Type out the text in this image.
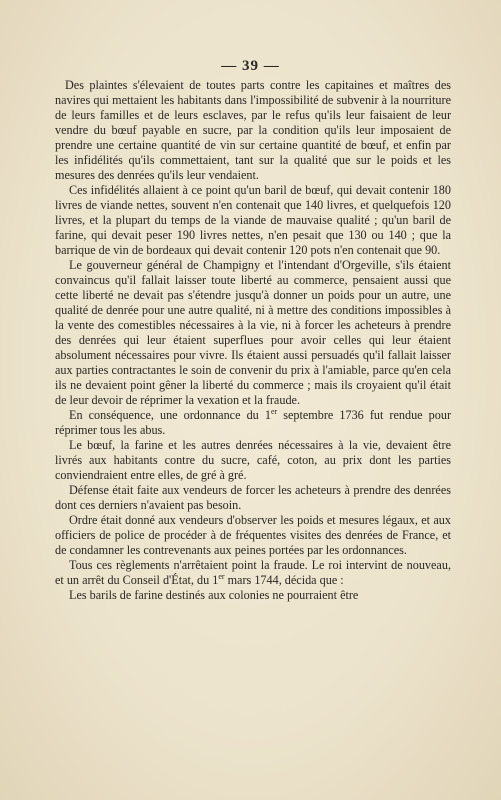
— 39 —

Des plaintes s'élevaient de toutes parts contre les capitaines et maîtres des navires qui mettaient les habitants dans l'impossibilité de subvenir à la nourriture de leurs familles et de leurs esclaves, par le refus qu'ils leur faisaient de leur vendre du bœuf payable en sucre, par la condition qu'ils leur imposaient de prendre une certaine quantité de vin sur certaine quantité de bœuf, et enfin par les infidélités qu'ils commettaient, tant sur la qualité que sur le poids et les mesures des denrées qu'ils leur vendaient.

Ces infidélités allaient à ce point qu'un baril de bœuf, qui devait contenir 180 livres de viande nettes, souvent n'en contenait que 140 livres, et quelquefois 120 livres, et la plupart du temps de la viande de mauvaise qualité ; qu'un baril de farine, qui devait peser 190 livres nettes, n'en pesait que 130 ou 140 ; que la barrique de vin de bordeaux qui devait contenir 120 pots n'en contenait que 90.

Le gouverneur général de Champigny et l'intendant d'Orgeville, s'ils étaient convaincus qu'il fallait laisser toute liberté au commerce, pensaient aussi que cette liberté ne devait pas s'étendre jusqu'à donner un poids pour un autre, une qualité de denrée pour une autre qualité, ni à mettre des conditions impossibles à la vente des comestibles nécessaires à la vie, ni à forcer les acheteurs à prendre des denrées qui leur étaient superflues pour avoir celles qui leur étaient absolument nécessaires pour vivre. Ils étaient aussi persuadés qu'il fallait laisser aux parties contractantes le soin de convenir du prix à l'amiable, parce qu'en cela ils ne devaient point gêner la liberté du commerce ; mais ils croyaient qu'il était de leur devoir de réprimer la vexation et la fraude.

En conséquence, une ordonnance du 1er septembre 1736 fut rendue pour réprimer tous les abus.

Le bœuf, la farine et les autres denrées nécessaires à la vie, devaient être livrés aux habitants contre du sucre, café, coton, au prix dont les parties conviendraient entre elles, de gré à gré.

Défense était faite aux vendeurs de forcer les acheteurs à prendre des denrées dont ces derniers n'avaient pas besoin.

Ordre était donné aux vendeurs d'observer les poids et mesures légaux, et aux officiers de police de procéder à de fréquentes visites des denrées de France, et de condamner les contrevenants aux peines portées par les ordonnances.

Tous ces règlements n'arrêtaient point la fraude. Le roi intervint de nouveau, et un arrêt du Conseil d'État, du 1er mars 1744, décida que :

Les barils de farine destinés aux colonies ne pourraient être
